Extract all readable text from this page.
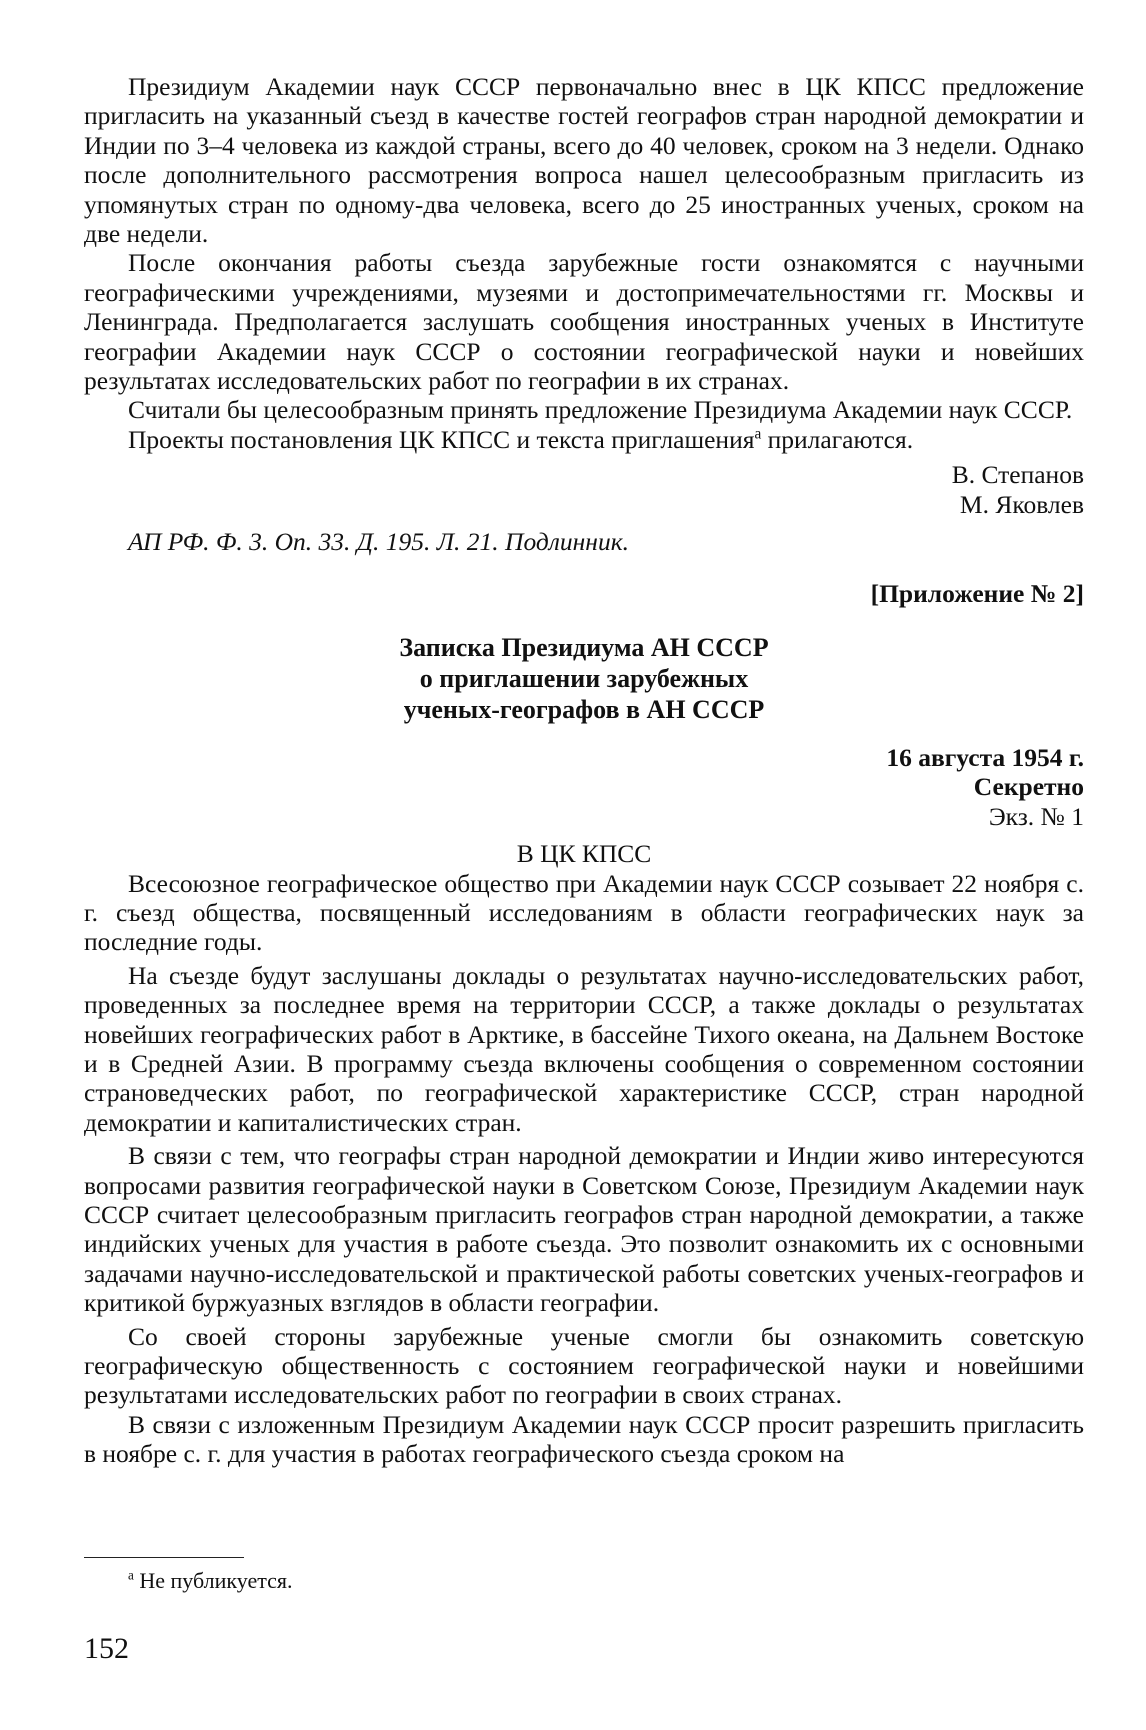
Президиум Академии наук СССР первоначально внес в ЦК КПСС предложение пригласить на указанный съезд в качестве гостей географов стран народной демократии и Индии по 3–4 человека из каждой страны, всего до 40 человек, сроком на 3 недели. Однако после дополнительного рассмотрения вопроса нашел целесообразным пригласить из упомянутых стран по одному-два человека, всего до 25 иностранных ученых, сроком на две недели.

После окончания работы съезда зарубежные гости ознакомятся с научными географическими учреждениями, музеями и достопримечательностями гг. Москвы и Ленинграда. Предполагается заслушать сообщения иностранных ученых в Институте географии Академии наук СССР о состоянии географической науки и новейших результатах исследовательских работ по географии в их странах.

Считали бы целесообразным принять предложение Президиума Академии наук СССР.

Проекты постановления ЦК КПСС и текста приглашения$^а$ прилагаются.

В. Степанов

М. Яковлев

АП РФ. Ф. 3. Оп. 33. Д. 195. Л. 21. Подлинник.

[Приложение № 2]

Записка Президиума АН СССР
о приглашении зарубежных
ученых-географов в АН СССР

16 августа 1954 г.

Секретно

Экз. № 1

В ЦК КПСС

Всесоюзное географическое общество при Академии наук СССР созывает 22 ноября с. г. съезд общества, посвященный исследованиям в области географических наук за последние годы.

На съезде будут заслушаны доклады о результатах научно-исследовательских работ, проведенных за последнее время на территории СССР, а также доклады о результатах новейших географических работ в Арктике, в бассейне Тихого океана, на Дальнем Востоке и в Средней Азии. В программу съезда включены сообщения о современном состоянии страноведческих работ, по географической характеристике СССР, стран народной демократии и капиталистических стран.

В связи с тем, что географы стран народной демократии и Индии живо интересуются вопросами развития географической науки в Советском Союзе, Президиум Академии наук СССР считает целесообразным пригласить географов стран народной демократии, а также индийских ученых для участия в работе съезда. Это позволит ознакомить их с основными задачами научно-исследовательской и практической работы советских ученых-географов и критикой буржуазных взглядов в области географии.

Со своей стороны зарубежные ученые смогли бы ознакомить советскую географическую общественность с состоянием географической науки и новейшими результатами исследовательских работ по географии в своих странах.

В связи с изложенным Президиум Академии наук СССР просит разрешить пригласить в ноябре с. г. для участия в работах географического съезда сроком на

$^а$ Не публикуется.
152
